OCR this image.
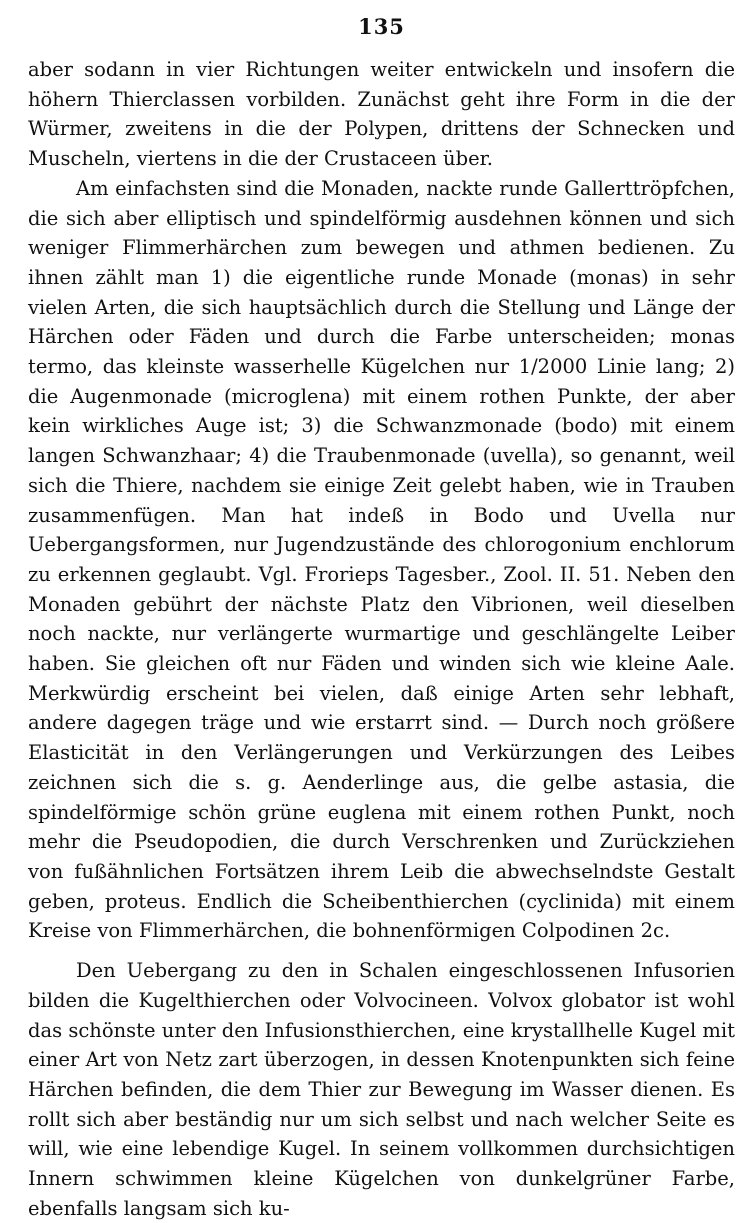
135

aber sodann in vier Richtungen weiter entwickeln und insofern die höhern Thierclassen vorbilden. Zunächst geht ihre Form in die der Würmer, zweitens in die der Polypen, drittens der Schnecken und Muscheln, viertens in die der Crustaceen über.

Am einfachsten sind die Monaden, nackte runde Gallerttröpfchen, die sich aber elliptisch und spindelförmig ausdehnen können und sich weniger Flimmerhärchen zum bewegen und athmen bedienen. Zu ihnen zählt man 1) die eigentliche runde Monade (monas) in sehr vielen Arten, die sich hauptsächlich durch die Stellung und Länge der Härchen oder Fäden und durch die Farbe unterscheiden; monas termo, das kleinste wasserhelle Kügelchen nur 1/2000 Linie lang; 2) die Augenmonade (microglena) mit einem rothen Punkte, der aber kein wirkliches Auge ist; 3) die Schwanzmonade (bodo) mit einem langen Schwanzhaar; 4) die Traubenmonade (uvella), so genannt, weil sich die Thiere, nachdem sie einige Zeit gelebt haben, wie in Trauben zusammenfügen. Man hat indeß in Bodo und Uvella nur Uebergangsformen, nur Jugendzustände des chlorogonium enchlorum zu erkennen geglaubt. Vgl. Frorieps Tagesber., Zool. II. 51. Neben den Monaden gebührt der nächste Platz den Vibrionen, weil dieselben noch nackte, nur verlängerte wurmartige und geschlängelte Leiber haben. Sie gleichen oft nur Fäden und winden sich wie kleine Aale. Merkwürdig erscheint bei vielen, daß einige Arten sehr lebhaft, andere dagegen träge und wie erstarrt sind. — Durch noch größere Elasticität in den Verlängerungen und Verkürzungen des Leibes zeichnen sich die s. g. Aenderlinge aus, die gelbe astasia, die spindelförmige schön grüne euglena mit einem rothen Punkt, noch mehr die Pseudopodien, die durch Verschrenken und Zurückziehen von fußähnlichen Fortsätzen ihrem Leib die abwechselndste Gestalt geben, proteus. Endlich die Scheibenthierchen (cyclinida) mit einem Kreise von Flimmerhärchen, die bohnenförmigen Colpodinen 2c.

Den Uebergang zu den in Schalen eingeschlossenen Infusorien bilden die Kugelthierchen oder Volvocineen. Volvox globator ist wohl das schönste unter den Infusionsthierchen, eine krystallhelle Kugel mit einer Art von Netz zart überzogen, in dessen Knotenpunkten sich feine Härchen befinden, die dem Thier zur Bewegung im Wasser dienen. Es rollt sich aber beständig nur um sich selbst und nach welcher Seite es will, wie eine lebendige Kugel. In seinem vollkommen durchsichtigen Innern schwimmen kleine Kügelchen von dunkelgrüner Farbe, ebenfalls langsam sich ku-
